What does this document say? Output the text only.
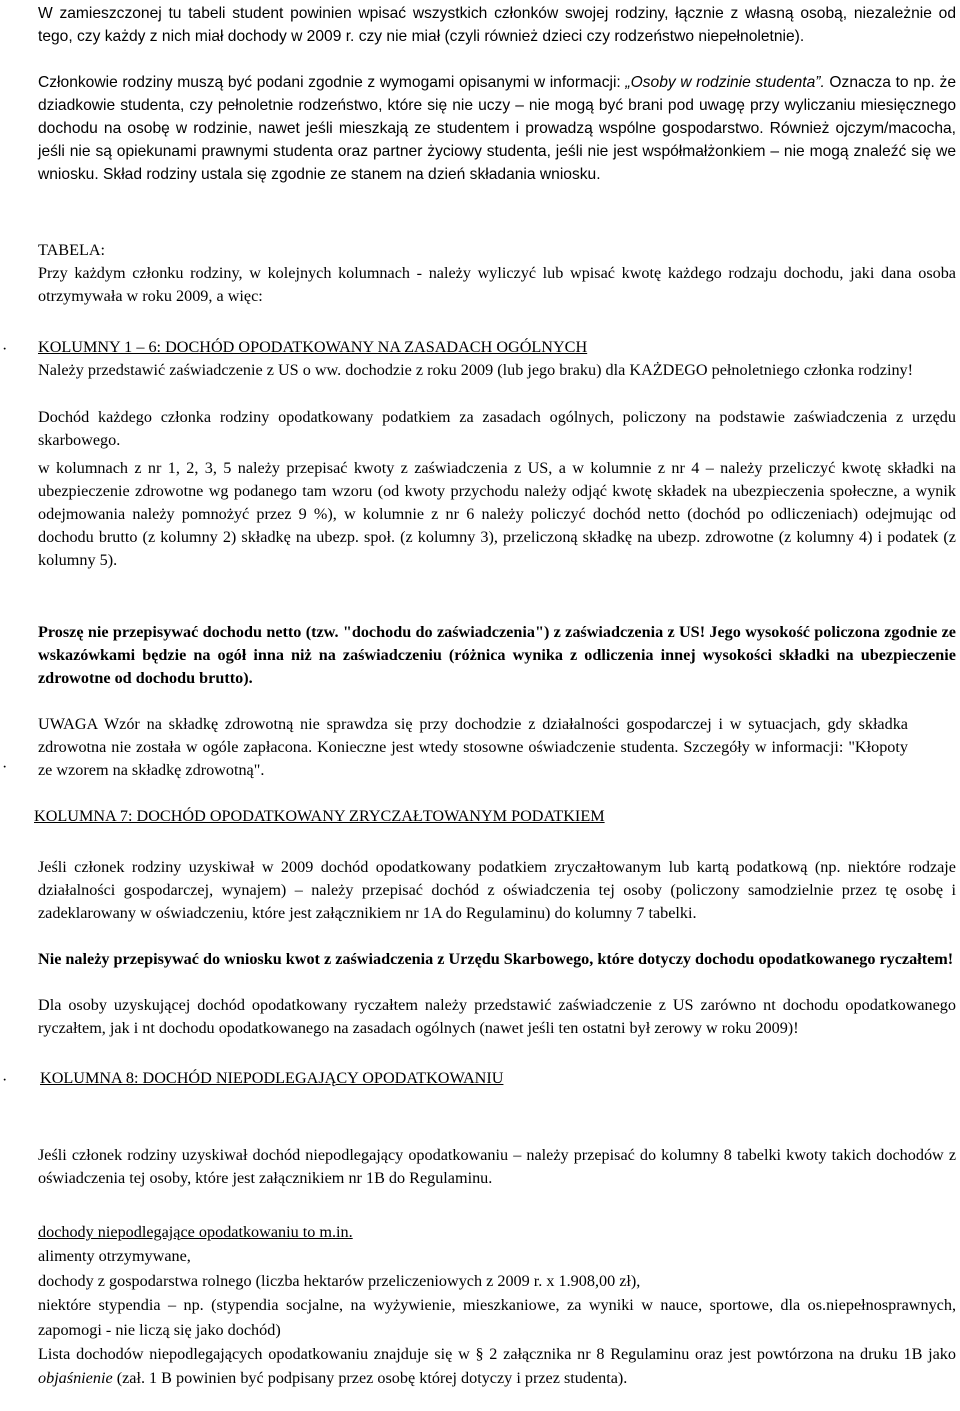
W zamieszczonej tu tabeli student powinien wpisać wszystkich członków swojej rodziny, łącznie z własną osobą, niezależnie od tego, czy każdy z nich miał dochody w 2009 r. czy nie miał (czyli również dzieci czy rodzeństwo niepełnoletnie).

Członkowie rodziny muszą być podani zgodnie z wymogami opisanymi w informacji: „Osoby w rodzinie studenta”. Oznacza to np. że dziadkowie studenta, czy pełnoletnie rodzeństwo, które się nie uczy – nie mogą być brani pod uwagę przy wyliczaniu miesięcznego dochodu na osobę w rodzinie, nawet jeśli mieszkają ze studentem i prowadzą wspólne gospodarstwo. Również ojczym/macocha, jeśli nie są opiekunami prawnymi studenta oraz partner życiowy studenta, jeśli nie jest współmałżonkiem – nie mogą znaleźć się we wniosku. Skład rodziny ustala się zgodnie ze stanem na dzień składania wniosku.

TABELA:

Przy każdym członku rodziny, w kolejnych kolumnach - należy wyliczyć lub wpisać kwotę każdego rodzaju dochodu, jaki dana osoba otrzymywała w roku 2009, a więc:

· KOLUMNY 1 – 6: DOCHÓD OPODATKOWANY NA ZASADACH OGÓLNYCH

Należy przedstawić zaświadczenie z US o ww. dochodzie z roku 2009 (lub jego braku) dla KAŻDEGO pełnoletniego członka rodziny!

Dochód każdego członka rodziny opodatkowany podatkiem za zasadach ogólnych, policzony na podstawie zaświadczenia z urzędu skarbowego.

w kolumnach z nr 1, 2, 3, 5 należy przepisać kwoty z zaświadczenia z US, a w kolumnie z nr 4 – należy przeliczyć kwotę składki na ubezpieczenie zdrowotne wg podanego tam wzoru (od kwoty przychodu należy odjąć kwotę składek na ubezpieczenia społeczne, a wynik odejmowania należy pomnożyć przez 9 %), w kolumnie z nr 6 należy policzyć dochód netto (dochód po odliczeniach) odejmując od dochodu brutto (z kolumny 2) składkę na ubezp. społ. (z kolumny 3), przeliczoną składkę na ubezp. zdrowotne (z kolumny 4) i podatek (z kolumny 5).

Proszę nie przepisywać dochodu netto (tzw. "dochodu do zaświadczenia") z zaświadczenia z US! Jego wysokość policzona zgodnie ze wskazówkami będzie na ogół inna niż na zaświadczeniu (różnica wynika z odliczenia innej wysokości składki na ubezpieczenie zdrowotne od dochodu brutto).

UWAGA Wzór na składkę zdrowotną nie sprawdza się przy dochodzie z działalności gospodarczej i w sytuacjach, gdy składka zdrowotna nie została w ogóle zapłacona. Konieczne jest wtedy stosowne oświadczenie studenta. Szczegóły w informacji: "Kłopoty ze wzorem na składkę zdrowotną".

·
KOLUMNA 7: DOCHÓD OPODATKOWANY ZRYCZAŁTOWANYM PODATKIEM

Jeśli członek rodziny uzyskiwał w 2009 dochód opodatkowany podatkiem zryczałtowanym lub kartą podatkową (np. niektóre rodzaje działalności gospodarczej, wynajem) – należy przepisać dochód z oświadczenia tej osoby (policzony samodzielnie przez tę osobę i zadeklarowany w oświadczeniu, które jest załącznikiem nr 1A do Regulaminu) do kolumny 7 tabelki.

Nie należy przepisywać do wniosku kwot z zaświadczenia z Urzędu Skarbowego, które dotyczy dochodu opodatkowanego ryczałtem!

Dla osoby uzyskującej dochód opodatkowany ryczałtem należy przedstawić zaświadczenie z US zarówno nt dochodu opodatkowanego ryczałtem, jak i nt dochodu opodatkowanego na zasadach ogólnych (nawet jeśli ten ostatni był zerowy w roku 2009)!

· KOLUMNA 8: DOCHÓD NIEPODLEGAJĄCY OPODATKOWANIU

Jeśli członek rodziny uzyskiwał dochód niepodlegający opodatkowaniu – należy przepisać do kolumny 8 tabelki kwoty takich dochodów z oświadczenia tej osoby, które jest załącznikiem nr 1B do Regulaminu.

dochody niepodlegające opodatkowaniu to m.in.
alimenty otrzymywane,
dochody z gospodarstwa rolnego (liczba hektarów przeliczeniowych z 2009 r. x 1.908,00 zł),
niektóre stypendia – np. (stypendia socjalne, na wyżywienie, mieszkaniowe, za wyniki w nauce, sportowe, dla os.niepełnosprawnych, zapomogi - nie liczą się jako dochód)
Lista dochodów niepodlegających opodatkowaniu znajduje się w § 2 załącznika nr 8 Regulaminu oraz jest powtórzona na druku 1B jako objaśnienie (zał. 1 B powinien być podpisany przez osobę której dotyczy i przez studenta).
